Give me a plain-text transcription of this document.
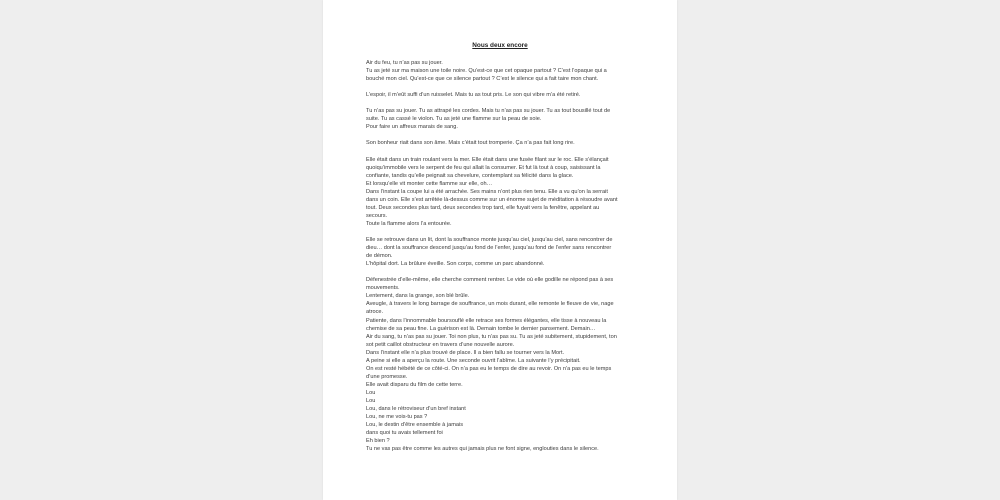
Nous deux encore
Air du feu, tu n’as pas su jouer.
Tu as jeté sur ma maison une toile noire. Qu’est-ce que cet opaque partout ? C’est l’opaque qui a
bouché mon ciel. Qu’est-ce que ce silence partout ? C’est le silence qui a fait taire mon chant.
L’espoir, il m’eût suffi d’un ruisselet. Mais tu as tout pris. Le son qui vibre m’a été retiré.
Tu n’as pas su jouer. Tu as attrapé les cordes. Mais tu n’as pas su jouer. Tu as tout bousillé tout de
suite. Tu as cassé le violon. Tu as jeté une flamme sur la peau de soie.
Pour faire un affreux marais de sang.
Son bonheur riait dans son âme. Mais c’était tout tromperie. Ça n’a pas fait long rire.
Elle était dans un train roulant vers la mer. Elle était dans une fusée filant sur le roc. Elle s’élançait
quoiqu’immobile vers le serpent de feu qui allait la consumer. Et fut là tout à coup, saisissant la
confiante, tandis qu’elle peignait sa chevelure, contemplant sa félicité dans la glace.
Et lorsqu’elle vit monter cette flamme sur elle, oh…
Dans l’instant la coupe lui a été arrachée. Ses mains n’ont plus rien tenu. Elle a vu qu’on la serrait
dans un coin. Elle s’est arrêtée là-dessus comme sur un énorme sujet de méditation à résoudre avant
tout. Deux secondes plus tard, deux secondes trop tard, elle fuyait vers la fenêtre, appelant au
secours.
Toute la flamme alors l’a entourée.
Elle se retrouve dans un lit, dont la souffrance monte jusqu’au ciel, jusqu’au ciel, sans rencontrer de
dieu… dont la souffrance descend jusqu’au fond de l’enfer, jusqu’au fond de l’enfer sans rencontrer
de démon.
L’hôpital dort. La brûlure éveille. Son corps, comme un parc abandonné.
Défenestrée d’elle-même, elle cherche comment rentrer. Le vide où elle godille ne répond pas à ses
mouvements.
Lentement, dans la grange, son blé brûle.
Aveugle, à travers le long barrage de souffrance, un mois durant, elle remonte le fleuve de vie, nage
atroce.
Patiente, dans l’innommable boursouflé elle retrace ses formes élégantes, elle tisse à nouveau la
chemise de sa peau fine. La guérison est là. Demain tombe le dernier pansement. Demain…
Air du sang, tu n’as pas su jouer. Toi non plus, tu n’as pas su. Tu as jeté subitement, stupidement, ton
sot petit caillot obstructeur en travers d’une nouvelle aurore.
Dans l’instant elle n’a plus trouvé de place. Il a bien fallu se tourner vers la Mort.
A peine si elle a aperçu la route. Une seconde ouvrit l’abîme. La suivante l’y précipitait.
On est resté hébété de ce côté-ci. On n’a pas eu le temps de dire au revoir. On n’a pas eu le temps
d’une promesse.
Elle avait disparu du film de cette terre.
Lou
Lou
Lou, dans le rétroviseur d’un bref instant
Lou, ne me vois-tu pas ?
Lou, le destin d’être ensemble à jamais
dans quoi tu avais tellement foi
Eh bien ?
Tu ne vas pas être comme les autres qui jamais plus ne font signe, englouties dans le silence.
